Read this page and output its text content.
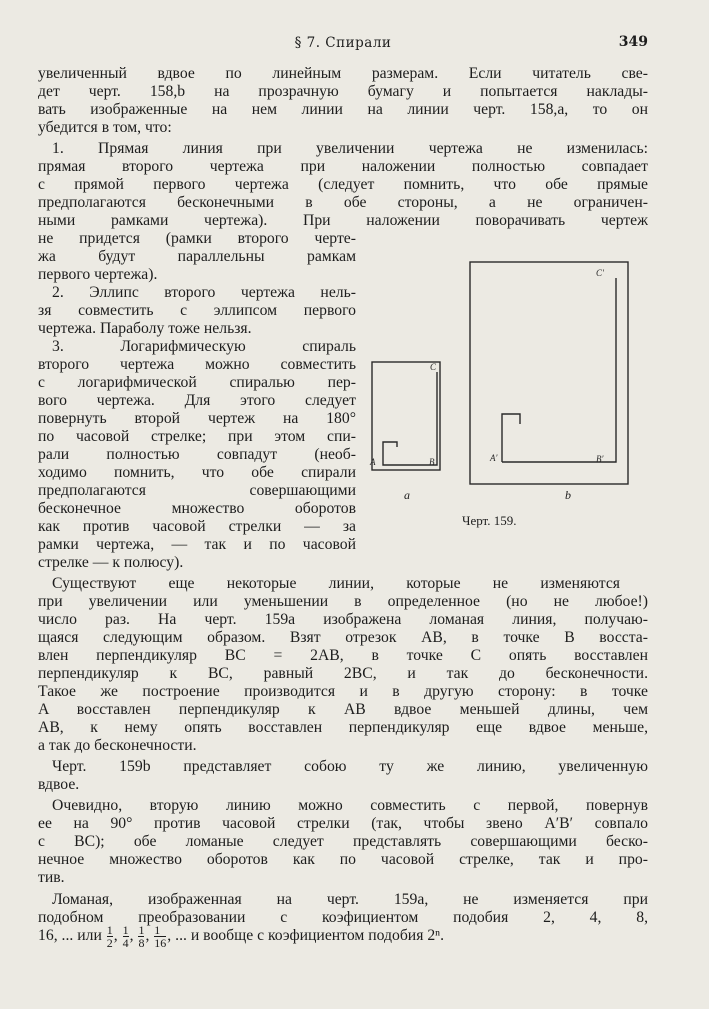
§ 7. Спирали	349
увеличенный вдвое по линейным размерам. Если читатель све-
дет черт. 158,b на прозрачную бумагу и попытается наклады-
вать изображенные на нем линии на линии черт. 158,a, то он
убедится в том, что:
1. Прямая линия при увеличении чертежа не изменилась:
прямая второго чертежа при наложении полностью совпадает
с прямой первого чертежа (следует помнить, что обе прямые
предполагаются бесконечными в обе стороны, а не ограничен-
ными рамками чертежа). При наложении поворачивать чертеж
не придется (рамки второго черте-
жа будут параллельны рамкам
первого чертежа).
2. Эллипс второго чертежа нель-
зя совместить с эллипсом первого
чертежа. Параболу тоже нельзя.
3. Логарифмическую спираль
второго чертежа можно совместить
с логарифмической спиралью пер-
вого чертежа. Для этого следует
повернуть второй чертеж на 180°
по часовой стрелке; при этом спи-
рали полностью совпадут (необ-
ходимо помнить, что обе спирали
предполагаются совершающими
бесконечное множество оборотов
как против часовой стрелки — за
рамки чертежа, — так и по часовой
стрелке — к полюсу).
Существуют еще некоторые линии, которые не изменяются
при увеличении или уменьшении в определенное (но не любое!)
число раз. На черт. 159a изображена ломаная линия, получаю-
щаяся следующим образом. Взят отрезок AB, в точке B восста-
влен перпендикуляр BC = 2AB, в точке C опять восставлен
перпендикуляр к BC, равный 2BC, и так до бесконечности.
Такое же построение производится и в другую сторону: в точке
A восставлен перпендикуляр к AB вдвое меньшей длины, чем
AB, к нему опять восставлен перпендикуляр еще вдвое меньше,
а так до бесконечности.
Черт. 159b представляет собою ту же линию, увеличенную
вдвое.
Очевидно, вторую линию можно совместить с первой, повернув
ее на 90° против часовой стрелки (так, чтобы звено A′B′ совпало
с BC); обе ломаные следует представлять совершающими беско-
нечное множество оборотов как по часовой стрелке, так и про-
тив.
Ломаная, изображенная на черт. 159a, не изменяется при
подобном преобразовании с коэфициентом подобия 2, 4, 8,
16, ... или $\frac{1}{2}$ , $\frac{1}{4}$ , $\frac{1}{8}$ , $\frac{1}{16}$ , ... и вообще с коэфициентом подобия 2ⁿ.
A	B
C
A′	B′
C′
a	b
Черт. 159.
